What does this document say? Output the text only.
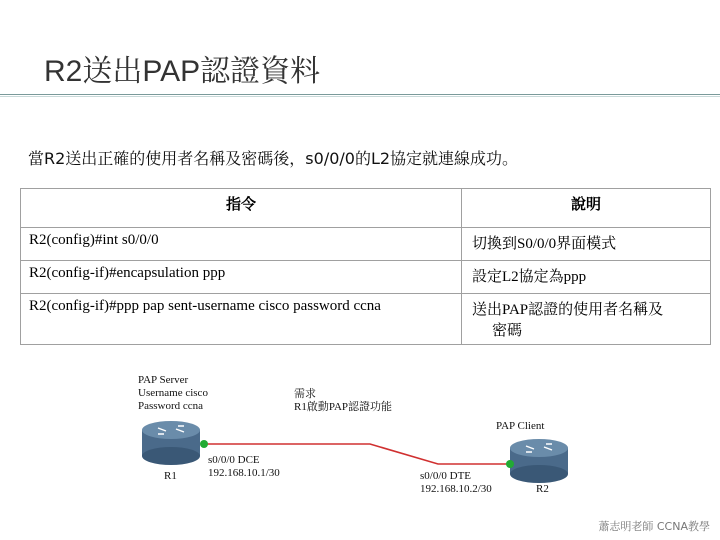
R2送出PAP認證資料
當R2送出正確的使用者名稱及密碼後，s0/0/0的L2協定就連線成功。
指令	說明
R2(config)#int s0/0/0	切換到S0/0/0界面模式
R2(config-if)#encapsulation ppp	設定L2協定為ppp
R2(config-if)#ppp pap sent-username cisco password ccna	送出PAP認證的使用者名稱及
密碼
PAP Server
Username cisco
Password ccna
需求
R1啟動PAP認證功能
PAP Client
R1
s0/0/0 DCE
192.168.10.1/30	s0/0/0 DTE
192.168.10.2/30	R2
蕭志明老師 CCNA教學
